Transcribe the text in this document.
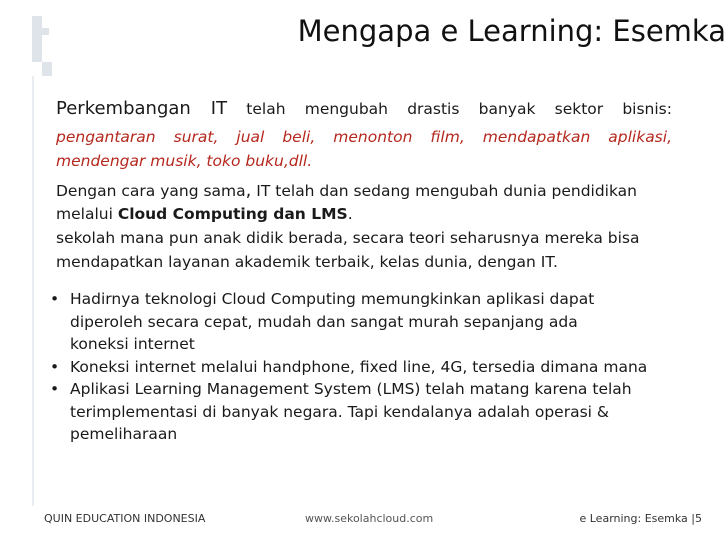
Mengapa e Learning: Esemka
Perkembangan IT telah mengubah drastis banyak sektor bisnis:
pengantaran surat, jual beli, menonton film, mendapatkan aplikasi,
mendengar musik, toko buku,dll.
Dengan cara yang sama, IT telah dan sedang mengubah dunia pendidikan
melalui Cloud Computing dan LMS.
sekolah mana pun anak didik berada, secara teori seharusnya mereka bisa
mendapatkan layanan akademik terbaik, kelas dunia, dengan IT.
• Hadirnya teknologi Cloud Computing memungkinkan aplikasi dapat diperoleh secara cepat, mudah dan sangat murah sepanjang ada koneksi internet
• Koneksi internet melalui handphone, fixed line, 4G, tersedia dimana mana
• Aplikasi Learning Management System (LMS) telah matang karena telah terimplementasi di banyak negara. Tapi kendalanya adalah operasi & pemeliharaan
QUIN EDUCATION INDONESIA	www.sekolahcloud.com	e Learning: Esemka |5
